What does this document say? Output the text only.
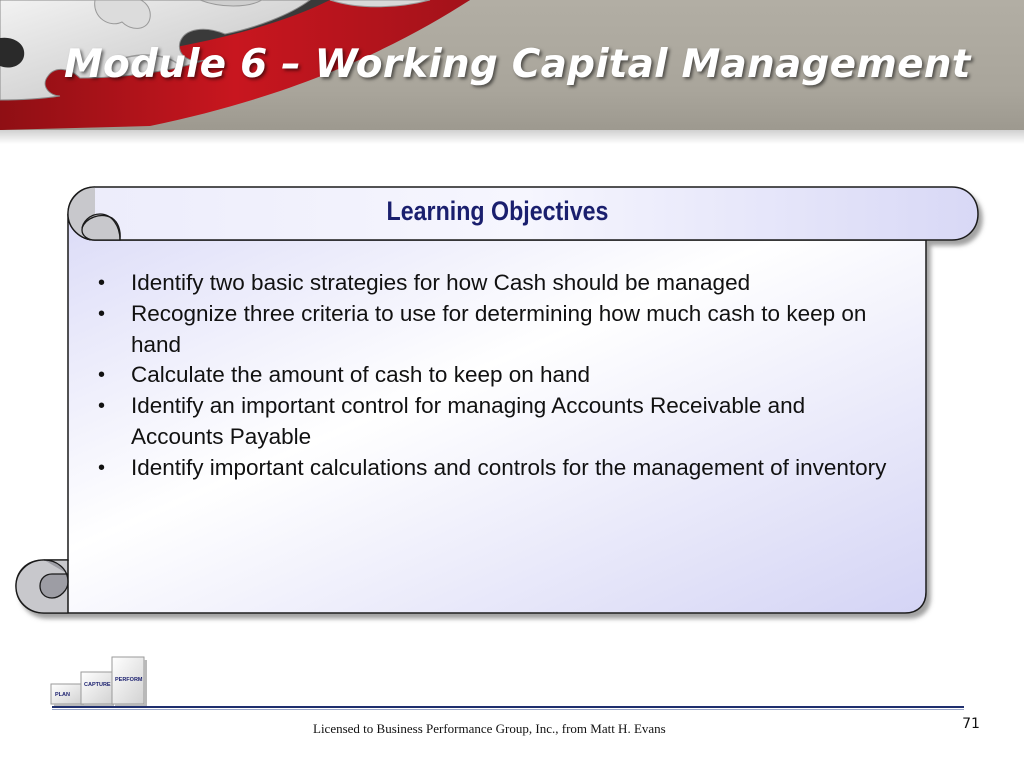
Module 6 – Working Capital Management
Learning Objectives
• Identify two basic strategies for how Cash should be managed
• Recognize three criteria to use for determining how much cash to keep on hand
• Calculate the amount of cash to keep on hand
• Identify an important control for managing Accounts Receivable and Accounts Payable
• Identify important calculations and controls for the management of inventory
PLAN
CAPTURE
PERFORM
Licensed to Business Performance Group, Inc., from Matt H. Evans	71
